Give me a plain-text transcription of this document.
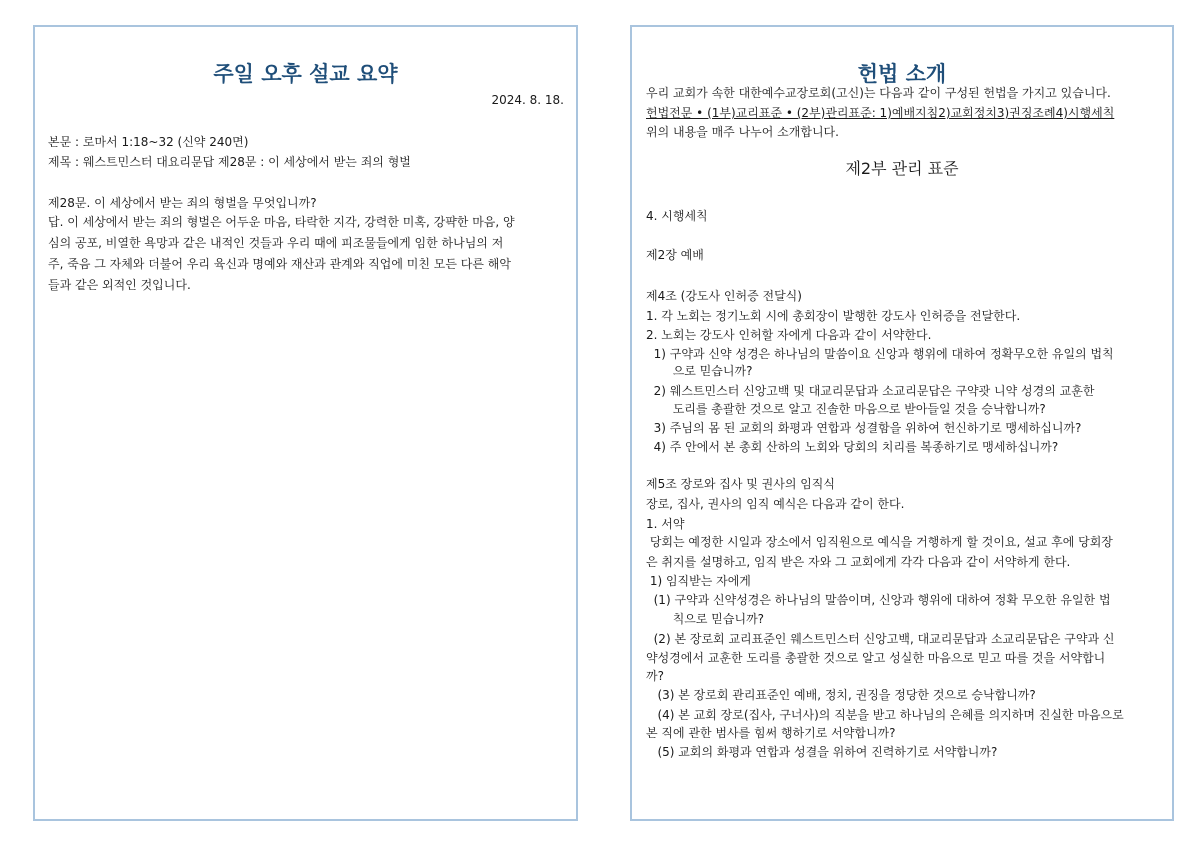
주일 오후 설교 요약
2024. 8. 18.
본문 : 로마서 1:18~32 (신약 240면)
제목 : 웨스트민스터 대요리문답 제28문 : 이 세상에서 받는 죄의 형벌
제28문. 이 세상에서 받는 죄의 형벌을 무엇입니까?
답. 이 세상에서 받는 죄의 형벌은 어두운 마음, 타락한 지각, 강력한 미혹, 강퍅한 마음, 양
심의 공포, 비열한 욕망과 같은 내적인 것들과 우리 때에 피조물들에게 임한 하나님의 저
주, 죽음 그 자체와 더불어 우리 육신과 명예와 재산과 관계와 직업에 미친 모든 다른 해악
들과 같은 외적인 것입니다.
헌법 소개
우리 교회가 속한 대한예수교장로회(고신)는 다음과 같이 구성된 헌법을 가지고 있습니다.
헌법전문 • (1부)교리표준 • (2부)관리표준: 1)예배지침2)교회정치3)권징조례4)시행세칙
위의 내용을 매주 나누어 소개합니다.
제2부 관리 표준
4. 시행세칙
제2장 예배
제4조 (강도사 인허증 전달식)
1. 각 노회는 정기노회 시에 총회장이 발행한 강도사 인허증을 전달한다.
2. 노회는 강도사 인허할 자에게 다음과 같이 서약한다.
1) 구약과 신약 성경은 하나님의 말씀이요 신앙과 행위에 대하여 정확무오한 유일의 법칙
으로 믿습니까?
2) 웨스트민스터 신앙고백 및 대교리문답과 소교리문답은 구약괏 니약 성경의 교훈한
도리를 총괄한 것으로 알고 진솔한 마음으로 받아들일 것을 승낙합니까?
3) 주님의 몸 된 교회의 화평과 연합과 성결함을 위하여 헌신하기로 맹세하십니까?
4) 주 안에서 본 총회 산하의 노회와 당회의 치리를 복종하기로 맹세하십니까?
제5조 장로와 집사 및 권사의 임직식
장로, 집사, 권사의 임직 예식은 다음과 같이 한다.
1. 서약
당회는 예정한 시일과 장소에서 임직원으로 예식을 거행하게 할 것이요, 설교 후에 당회장
은 취지를 설명하고, 임직 받은 자와 그 교회에게 각각 다음과 같이 서약하게 한다.
1) 임직받는 자에게
(1) 구약과 신약성경은 하나님의 말씀이며, 신앙과 행위에 대하여 정확 무오한 유일한 법
칙으로 믿습니까?
(2) 본 장로회 교리표준인 웨스트민스터 신앙고백, 대교리문답과 소교리문답은 구약과 신
약성경에서 교훈한 도리를 총괄한 것으로 알고 성실한 마음으로 믿고 따를 것을 서약합니
까?
(3) 본 장로회 관리표준인 예배, 정치, 권징을 정당한 것으로 승낙합니까?
(4) 본 교회 장로(집사, 구너사)의 직분을 받고 하나님의 은혜를 의지하며 진실한 마음으로
본 직에 관한 범사를 힘써 행하기로 서약합니까?
(5) 교회의 화평과 연합과 성결을 위하여 진력하기로 서약합니까?
